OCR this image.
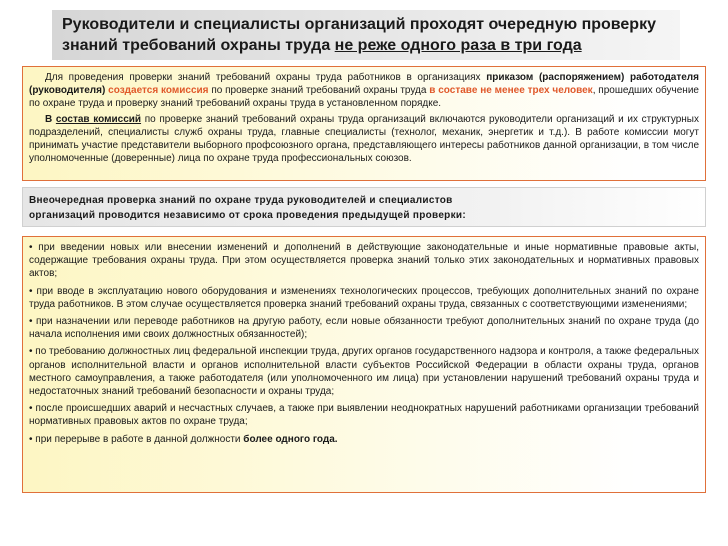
Руководители и специалисты организаций проходят очередную проверку знаний требований охраны труда не реже одного раза в три года

Для проведения проверки знаний требований охраны труда работников в организациях приказом (распоряжением) работодателя (руководителя) создается комиссия по проверке знаний требований охраны труда в составе не менее трех человек, прошедших обучение по охране труда и проверку знаний требований охраны труда в установленном порядке.

В состав комиссий по проверке знаний требований охраны труда организаций включаются руководители организаций и их структурных подразделений, специалисты служб охраны труда, главные специалисты (технолог, механик, энергетик и т.д.). В работе комиссии могут принимать участие представители выборного профсоюзного органа, представляющего интересы работников данной организации, в том числе уполномоченные (доверенные) лица по охране труда профессиональных союзов.

Внеочередная проверка знаний по охране труда руководителей и специалистов

организаций проводится независимо от срока проведения предыдущей проверки:

• при введении новых или внесении изменений и дополнений в действующие законодательные и иные нормативные правовые акты, содержащие требования охраны труда. При этом осуществляется проверка знаний только этих законодательных и нормативных правовых актов;

• при вводе в эксплуатацию нового оборудования и изменениях технологических процессов, требующих дополнительных знаний по охране труда работников. В этом случае осуществляется проверка знаний требований охраны труда, связанных с соответствующими изменениями;

• при назначении или переводе работников на другую работу, если новые обязанности требуют дополнительных знаний по охране труда (до начала исполнения ими своих должностных обязанностей);

• по требованию должностных лиц федеральной инспекции труда, других органов государственного надзора и контроля, а также федеральных органов исполнительной власти и органов исполнительной власти субъектов Российской Федерации в области охраны труда, органов местного самоуправления, а также работодателя (или уполномоченного им лица) при установлении нарушений требований охраны труда и недостаточных знаний требований безопасности и охраны труда;

• после происшедших аварий и несчастных случаев, а также при выявлении неоднократных нарушений работниками организации требований нормативных правовых актов по охране труда;

• при перерыве в работе в данной должности более одного года.
